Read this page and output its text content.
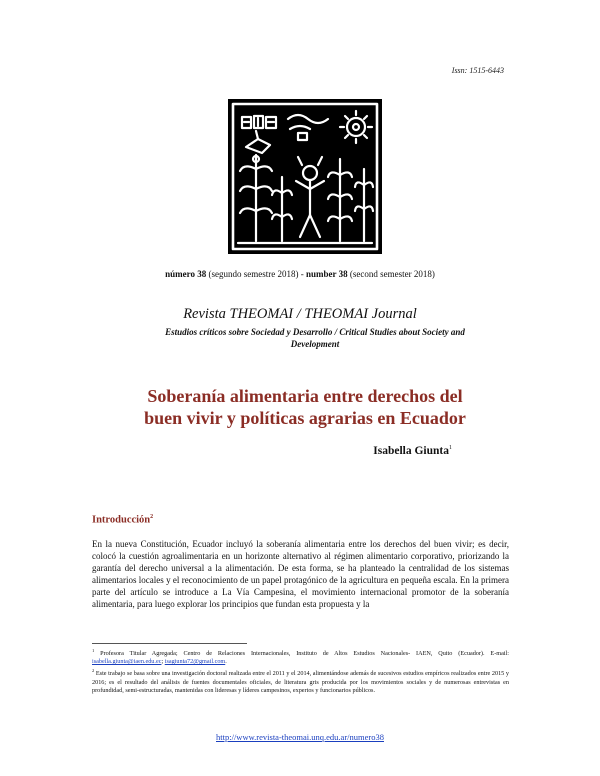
Issn: 1515-6443
número 38 (segundo semestre 2018) - number 38 (second semester 2018)
Revista THEOMAI / THEOMAI Journal
Estudios críticos sobre Sociedad y Desarrollo / Critical Studies about Society and Development
Soberanía alimentaria entre derechos del buen vivir y políticas agrarias en Ecuador
Isabella Giunta$^1$
Introducción$^2$
En la nueva Constitución, Ecuador incluyó la soberanía alimentaria entre los derechos del buen vivir; es decir, colocó la cuestión agroalimentaria en un horizonte alternativo al régimen alimentario corporativo, priorizando la garantía del derecho universal a la alimentación. De esta forma, se ha planteado la centralidad de los sistemas alimentarios locales y el reconocimiento de un papel protagónico de la agricultura en pequeña escala. En la primera parte del artículo se introduce a La Vía Campesina, el movimiento internacional promotor de la soberanía alimentaria, para luego explorar los principios que fundan esta propuesta y la

$^1$ Profesora Titular Agregada; Centro de Relaciones Internacionales, Instituto de Altos Estudios Nacionales- IAEN, Quito (Ecuador). E-mail: isabella.giunta@iaen.edu.ec; isagiunta72@gmail.com.

$^2$ Este trabajo se basa sobre una investigación doctoral realizada entre el 2011 y el 2014, alimentándose además de sucesivos estudios empíricos realizados entre 2015 y 2016; es el resultado del análisis de fuentes documentales oficiales, de literatura gris producida por los movimientos sociales y de numerosas entrevistas en profundidad, semi-estructuradas, mantenidas con lideresas y líderes campesinos, expertos y funcionarios públicos.

http://www.revista-theomai.unq.edu.ar/numero38
